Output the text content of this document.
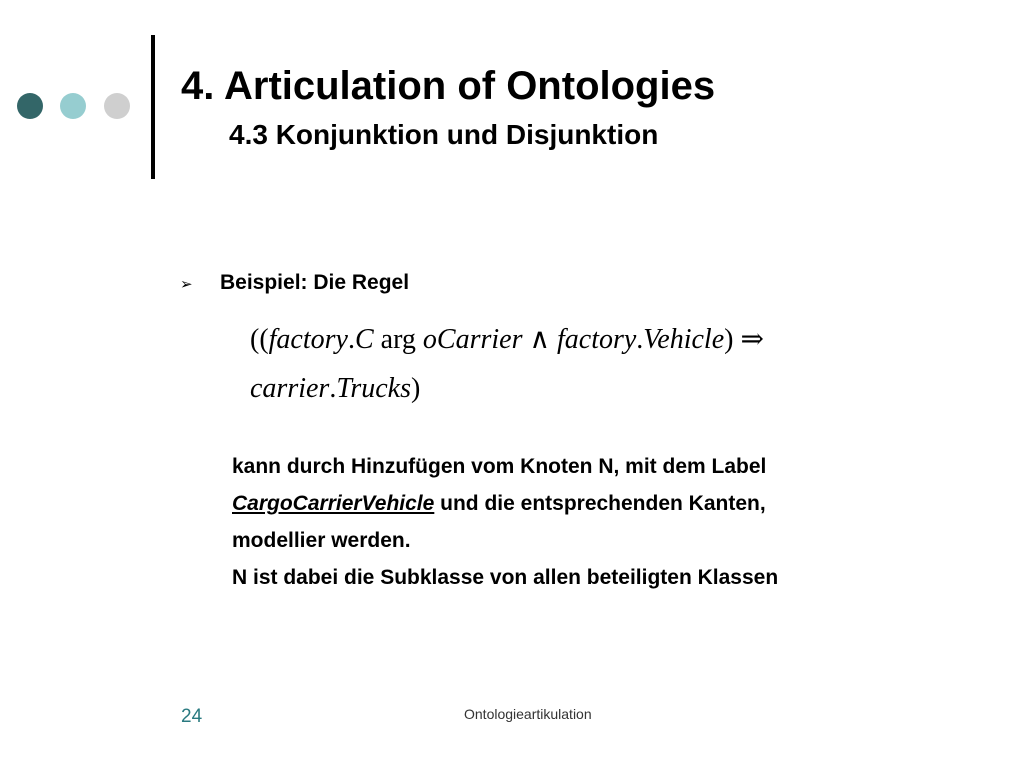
4. Articulation of Ontologies
4.3 Konjunktion und Disjunktion
➢ Beispiel: Die Regel
((factory.C arg oCarrier ∧ factory.Vehicle) ⇒
carrier.Trucks)
kann durch Hinzufügen vom Knoten N, mit dem Label
CargoCarrierVehicle und die entsprechenden Kanten,
modellier werden.
N ist dabei die Subklasse von allen beteiligten Klassen
24	Ontologieartikulation
